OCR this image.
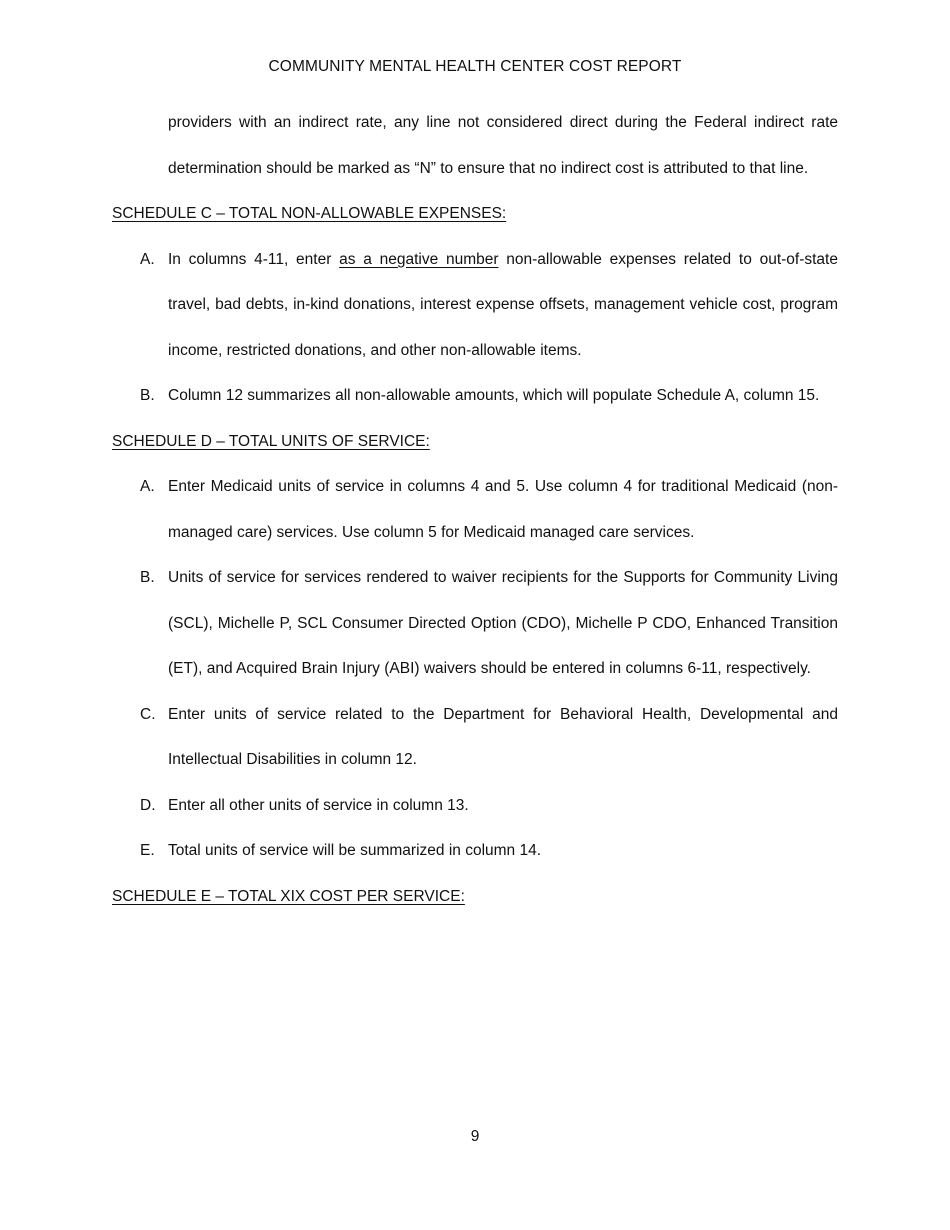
COMMUNITY MENTAL HEALTH CENTER COST REPORT
providers with an indirect rate, any line not considered direct during the Federal indirect rate determination should be marked as “N” to ensure that no indirect cost is attributed to that line.
SCHEDULE C – TOTAL NON-ALLOWABLE EXPENSES:
A. In columns 4-11, enter as a negative number non-allowable expenses related to out-of-state travel, bad debts, in-kind donations, interest expense offsets, management vehicle cost, program income, restricted donations, and other non-allowable items.
B. Column 12 summarizes all non-allowable amounts, which will populate Schedule A, column 15.
SCHEDULE D – TOTAL UNITS OF SERVICE:
A. Enter Medicaid units of service in columns 4 and 5. Use column 4 for traditional Medicaid (non-managed care) services. Use column 5 for Medicaid managed care services.
B. Units of service for services rendered to waiver recipients for the Supports for Community Living (SCL), Michelle P, SCL Consumer Directed Option (CDO), Michelle P CDO, Enhanced Transition (ET), and Acquired Brain Injury (ABI) waivers should be entered in columns 6-11, respectively.
C. Enter units of service related to the Department for Behavioral Health, Developmental and Intellectual Disabilities in column 12.
D. Enter all other units of service in column 13.
E. Total units of service will be summarized in column 14.
SCHEDULE E – TOTAL XIX COST PER SERVICE:
9
